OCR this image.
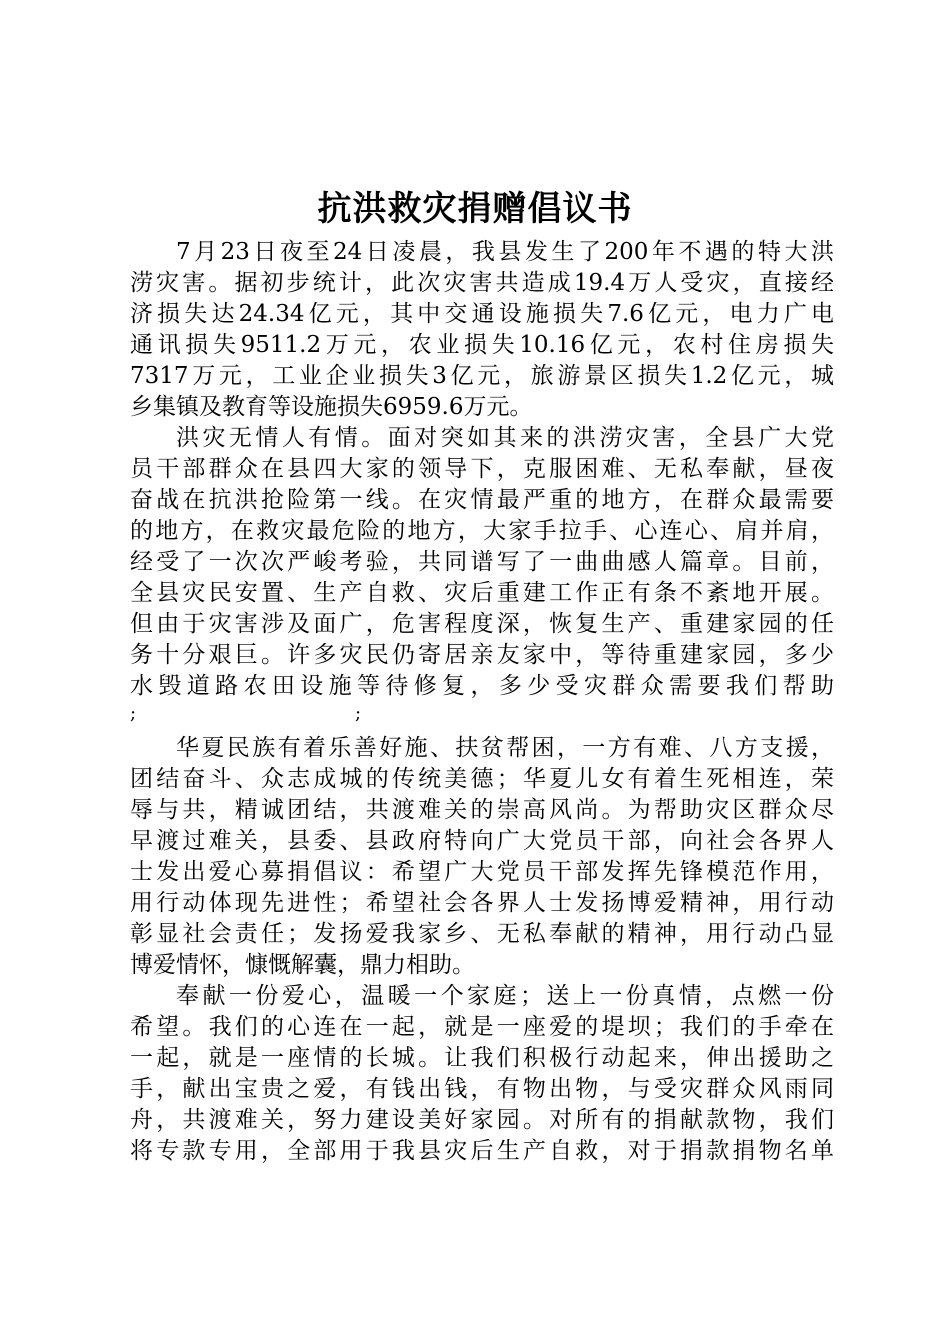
抗洪救灾捐赠倡议书
7月23日夜至24日凌晨，我县发生了200年不遇的特大洪
涝灾害。据初步统计，此次灾害共造成19.4万人受灾，直接经
济损失达24.34亿元，其中交通设施损失7.6亿元，电力广电
通讯损失9511.2万元，农业损失10.16亿元，农村住房损失
7317万元，工业企业损失3亿元，旅游景区损失1.2亿元，城
乡集镇及教育等设施损失6959.6万元。
洪灾无情人有情。面对突如其来的洪涝灾害，全县广大党
员干部群众在县四大家的领导下，克服困难、无私奉献，昼夜
奋战在抗洪抢险第一线。在灾情最严重的地方，在群众最需要
的地方，在救灾最危险的地方，大家手拉手、心连心、肩并肩，
经受了一次次严峻考验，共同谱写了一曲曲感人篇章。目前，
全县灾民安置、生产自救、灾后重建工作正有条不紊地开展。
但由于灾害涉及面广，危害程度深，恢复生产、重建家园的任
务十分艰巨。许多灾民仍寄居亲友家中，等待重建家园，多少
水毁道路农田设施等待修复，多少受灾群众需要我们帮助
;	;
华夏民族有着乐善好施、扶贫帮困，一方有难、八方支援，
团结奋斗、众志成城的传统美德；华夏儿女有着生死相连，荣
辱与共，精诚团结，共渡难关的崇高风尚。为帮助灾区群众尽
早渡过难关，县委、县政府特向广大党员干部，向社会各界人
士发出爱心募捐倡议：希望广大党员干部发挥先锋模范作用，
用行动体现先进性；希望社会各界人士发扬博爱精神，用行动
彰显社会责任；发扬爱我家乡、无私奉献的精神，用行动凸显
博爱情怀，慷慨解囊，鼎力相助。
奉献一份爱心，温暖一个家庭；送上一份真情，点燃一份
希望。我们的心连在一起，就是一座爱的堤坝；我们的手牵在
一起，就是一座情的长城。让我们积极行动起来，伸出援助之
手，献出宝贵之爱，有钱出钱，有物出物，与受灾群众风雨同
舟，共渡难关，努力建设美好家园。对所有的捐献款物，我们
将专款专用，全部用于我县灾后生产自救，对于捐款捐物名单
